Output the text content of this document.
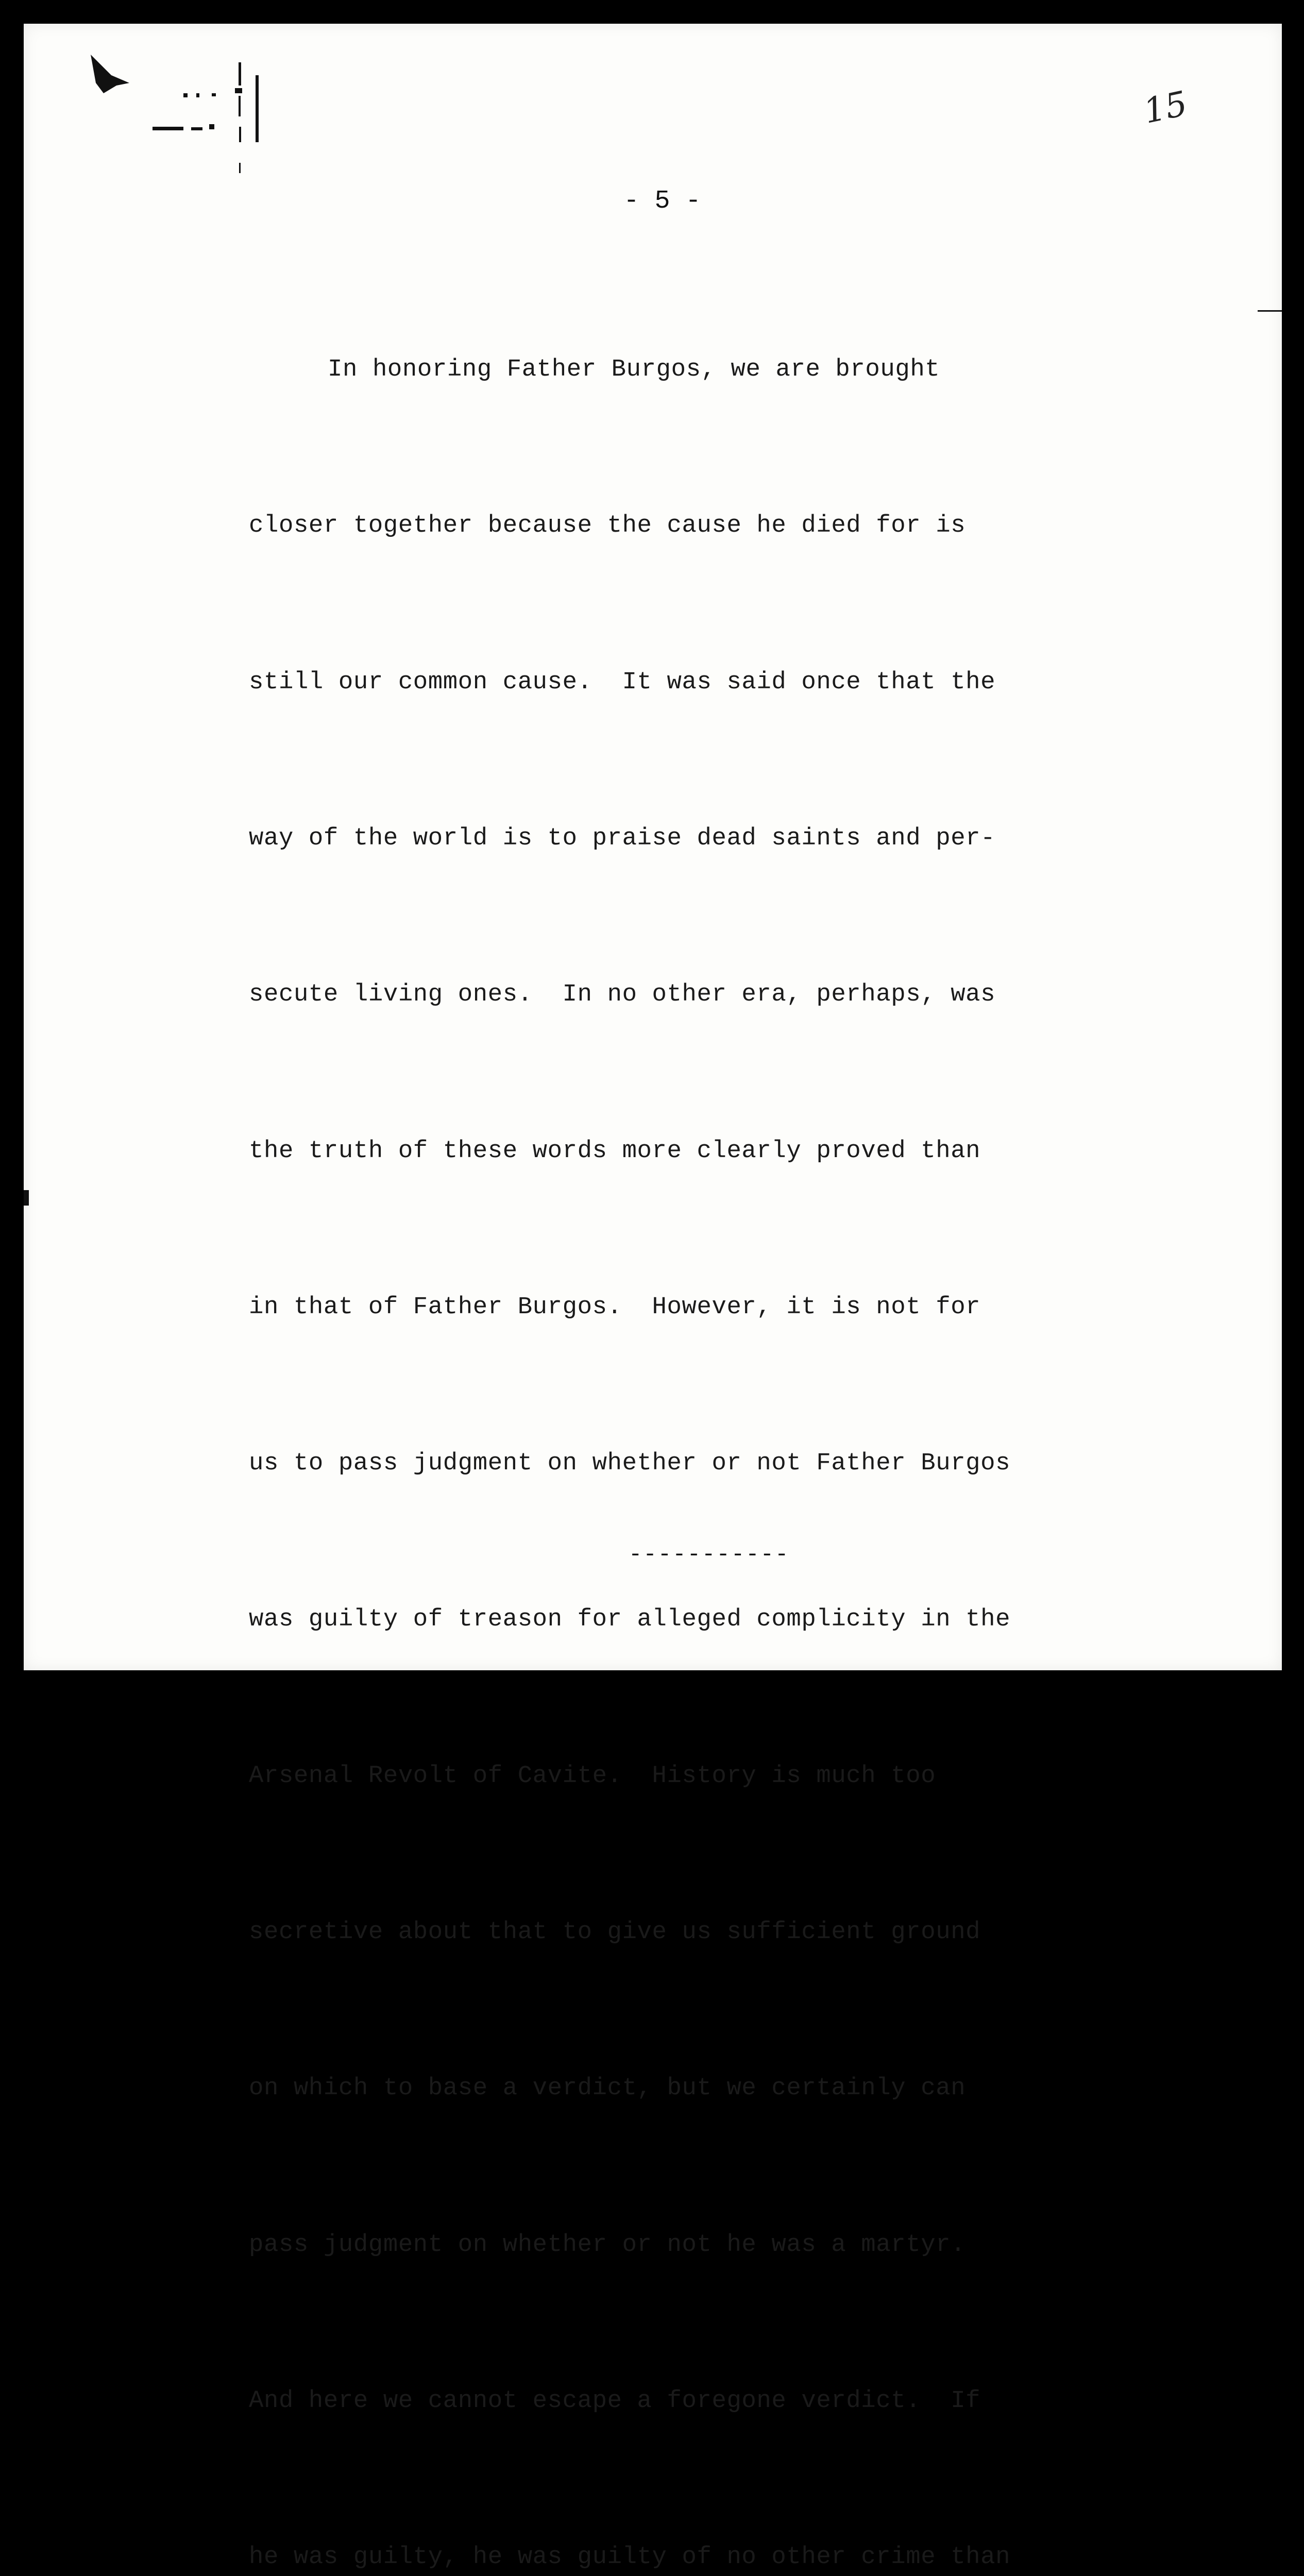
15
- 5 -

In honoring Father Burgos, we are brought

closer together because the cause he died for is

still our common cause.  It was said once that the

way of the world is to praise dead saints and per-

secute living ones.  In no other era, perhaps, was

the truth of these words more clearly proved than

in that of Father Burgos.  However, it is not for

us to pass judgment on whether or not Father Burgos

was guilty of treason for alleged complicity in the

Arsenal Revolt of Cavite.  History is much too

secretive about that to give us sufficient ground

on which to base a verdict, but we certainly can

pass judgment on whether or not he was a martyr.

And here we cannot escape a foregone verdict.  If

he was guilty, he was guilty of no other crime than

-----------
